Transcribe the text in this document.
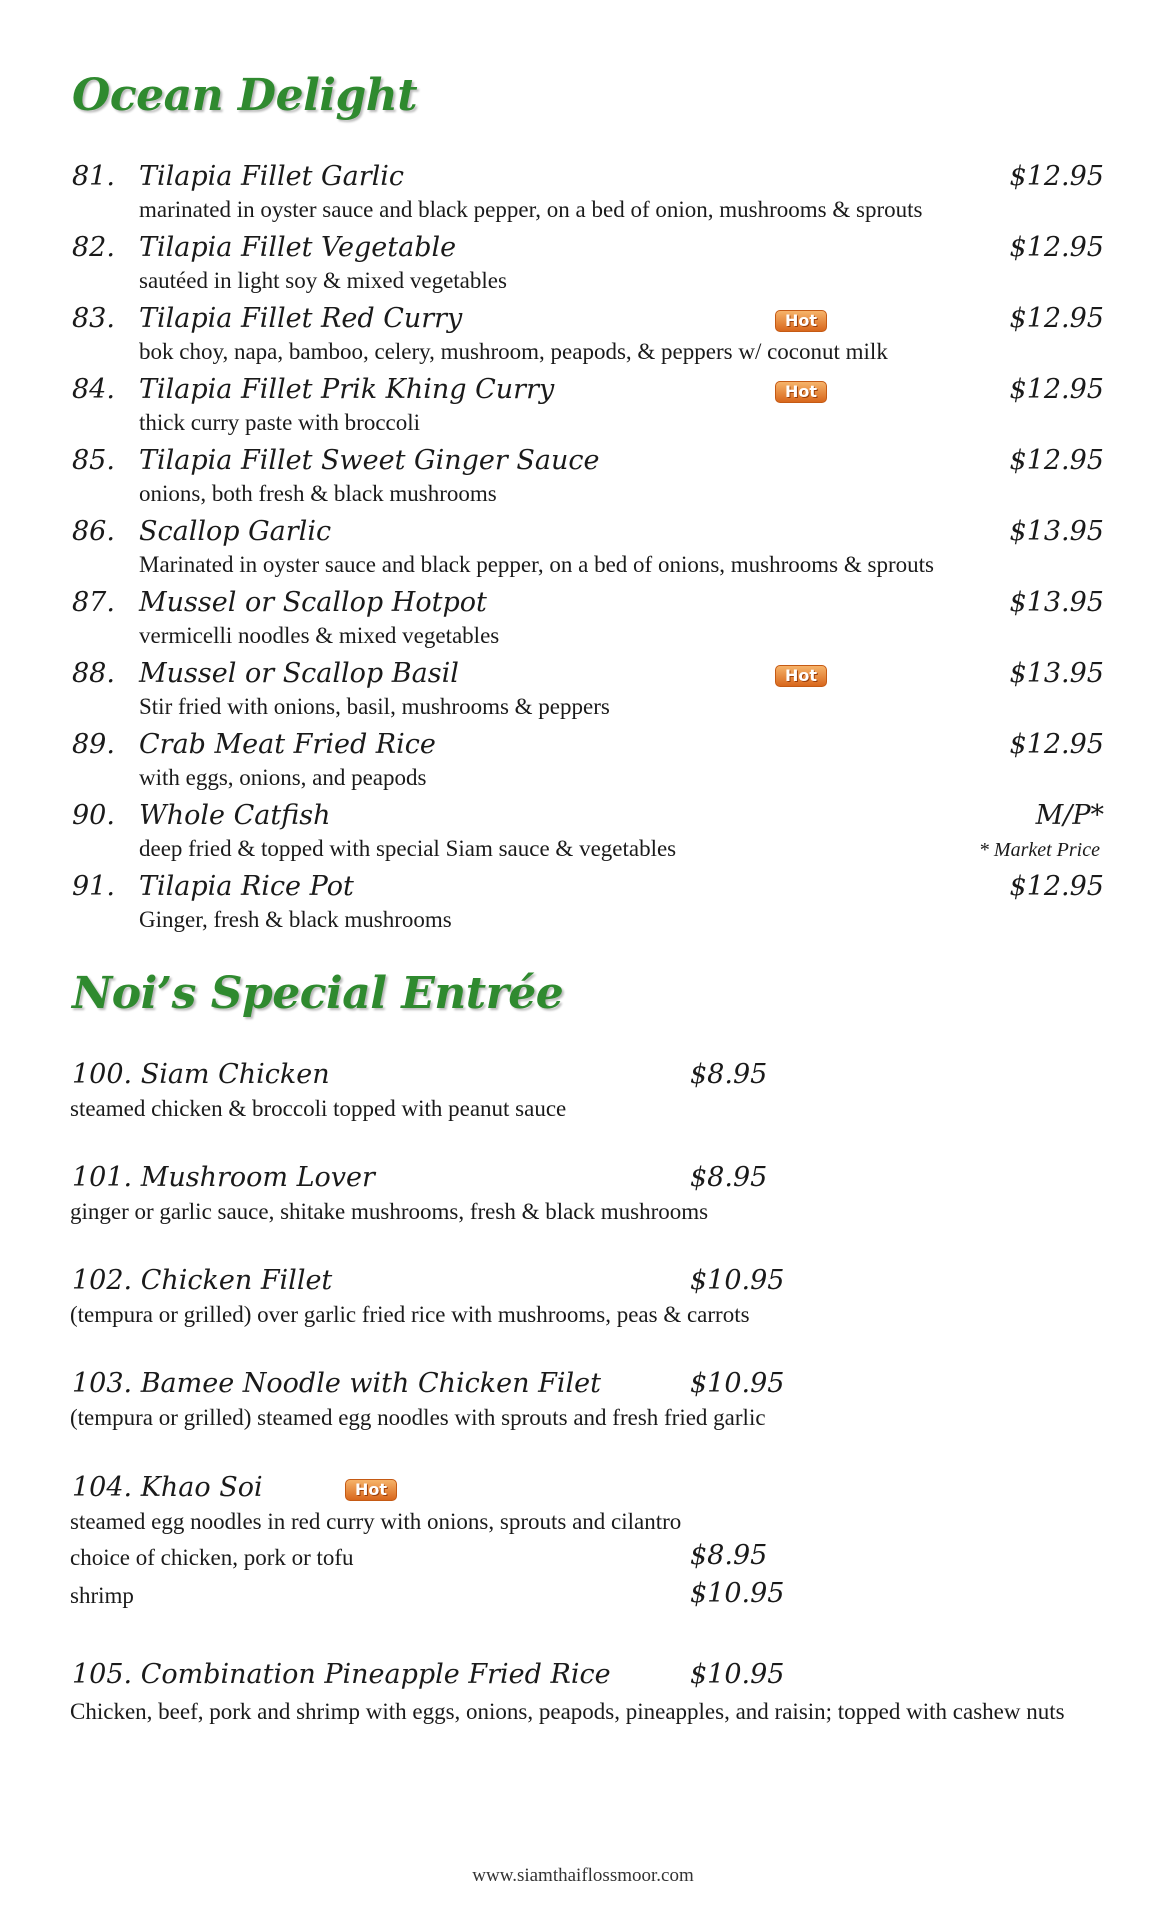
Ocean Delight
81. Tilapia Fillet Garlic	$12.95
marinated in oyster sauce and black pepper, on a bed of onion, mushrooms & sprouts
82. Tilapia Fillet Vegetable	$12.95
sautéed in light soy & mixed vegetables
83. Tilapia Fillet Red Curry	Hot	$12.95
bok choy, napa, bamboo, celery, mushroom, peapods, & peppers w/ coconut milk
84. Tilapia Fillet Prik Khing Curry	Hot	$12.95
thick curry paste with broccoli
85. Tilapia Fillet Sweet Ginger Sauce	$12.95
onions, both fresh & black mushrooms
86. Scallop Garlic	$13.95
Marinated in oyster sauce and black pepper, on a bed of onions, mushrooms & sprouts
87. Mussel or Scallop Hotpot	$13.95
vermicelli noodles & mixed vegetables
88. Mussel or Scallop Basil	Hot	$13.95
Stir fried with onions, basil, mushrooms & peppers
89. Crab Meat Fried Rice	$12.95
with eggs, onions, and peapods
90. Whole Catfish	M/P*
deep fried & topped with special Siam sauce & vegetables	* Market Price
91. Tilapia Rice Pot	$12.95
Ginger, fresh & black mushrooms
Noi’s Special Entrée
100. Siam Chicken	$8.95
steamed chicken & broccoli topped with peanut sauce
101. Mushroom Lover	$8.95
ginger or garlic sauce, shitake mushrooms, fresh & black mushrooms
102. Chicken Fillet	$10.95
(tempura or grilled) over garlic fried rice with mushrooms, peas & carrots
103. Bamee Noodle with Chicken Filet	$10.95
(tempura or grilled) steamed egg noodles with sprouts and fresh fried garlic
104. Khao Soi	Hot
steamed egg noodles in red curry with onions, sprouts and cilantro
choice of chicken, pork or tofu	$8.95
shrimp	$10.95
105. Combination Pineapple Fried Rice	$10.95
Chicken, beef, pork and shrimp with eggs, onions, peapods, pineapples, and raisin; topped with cashew nuts
www.siamthaiflossmoor.com
